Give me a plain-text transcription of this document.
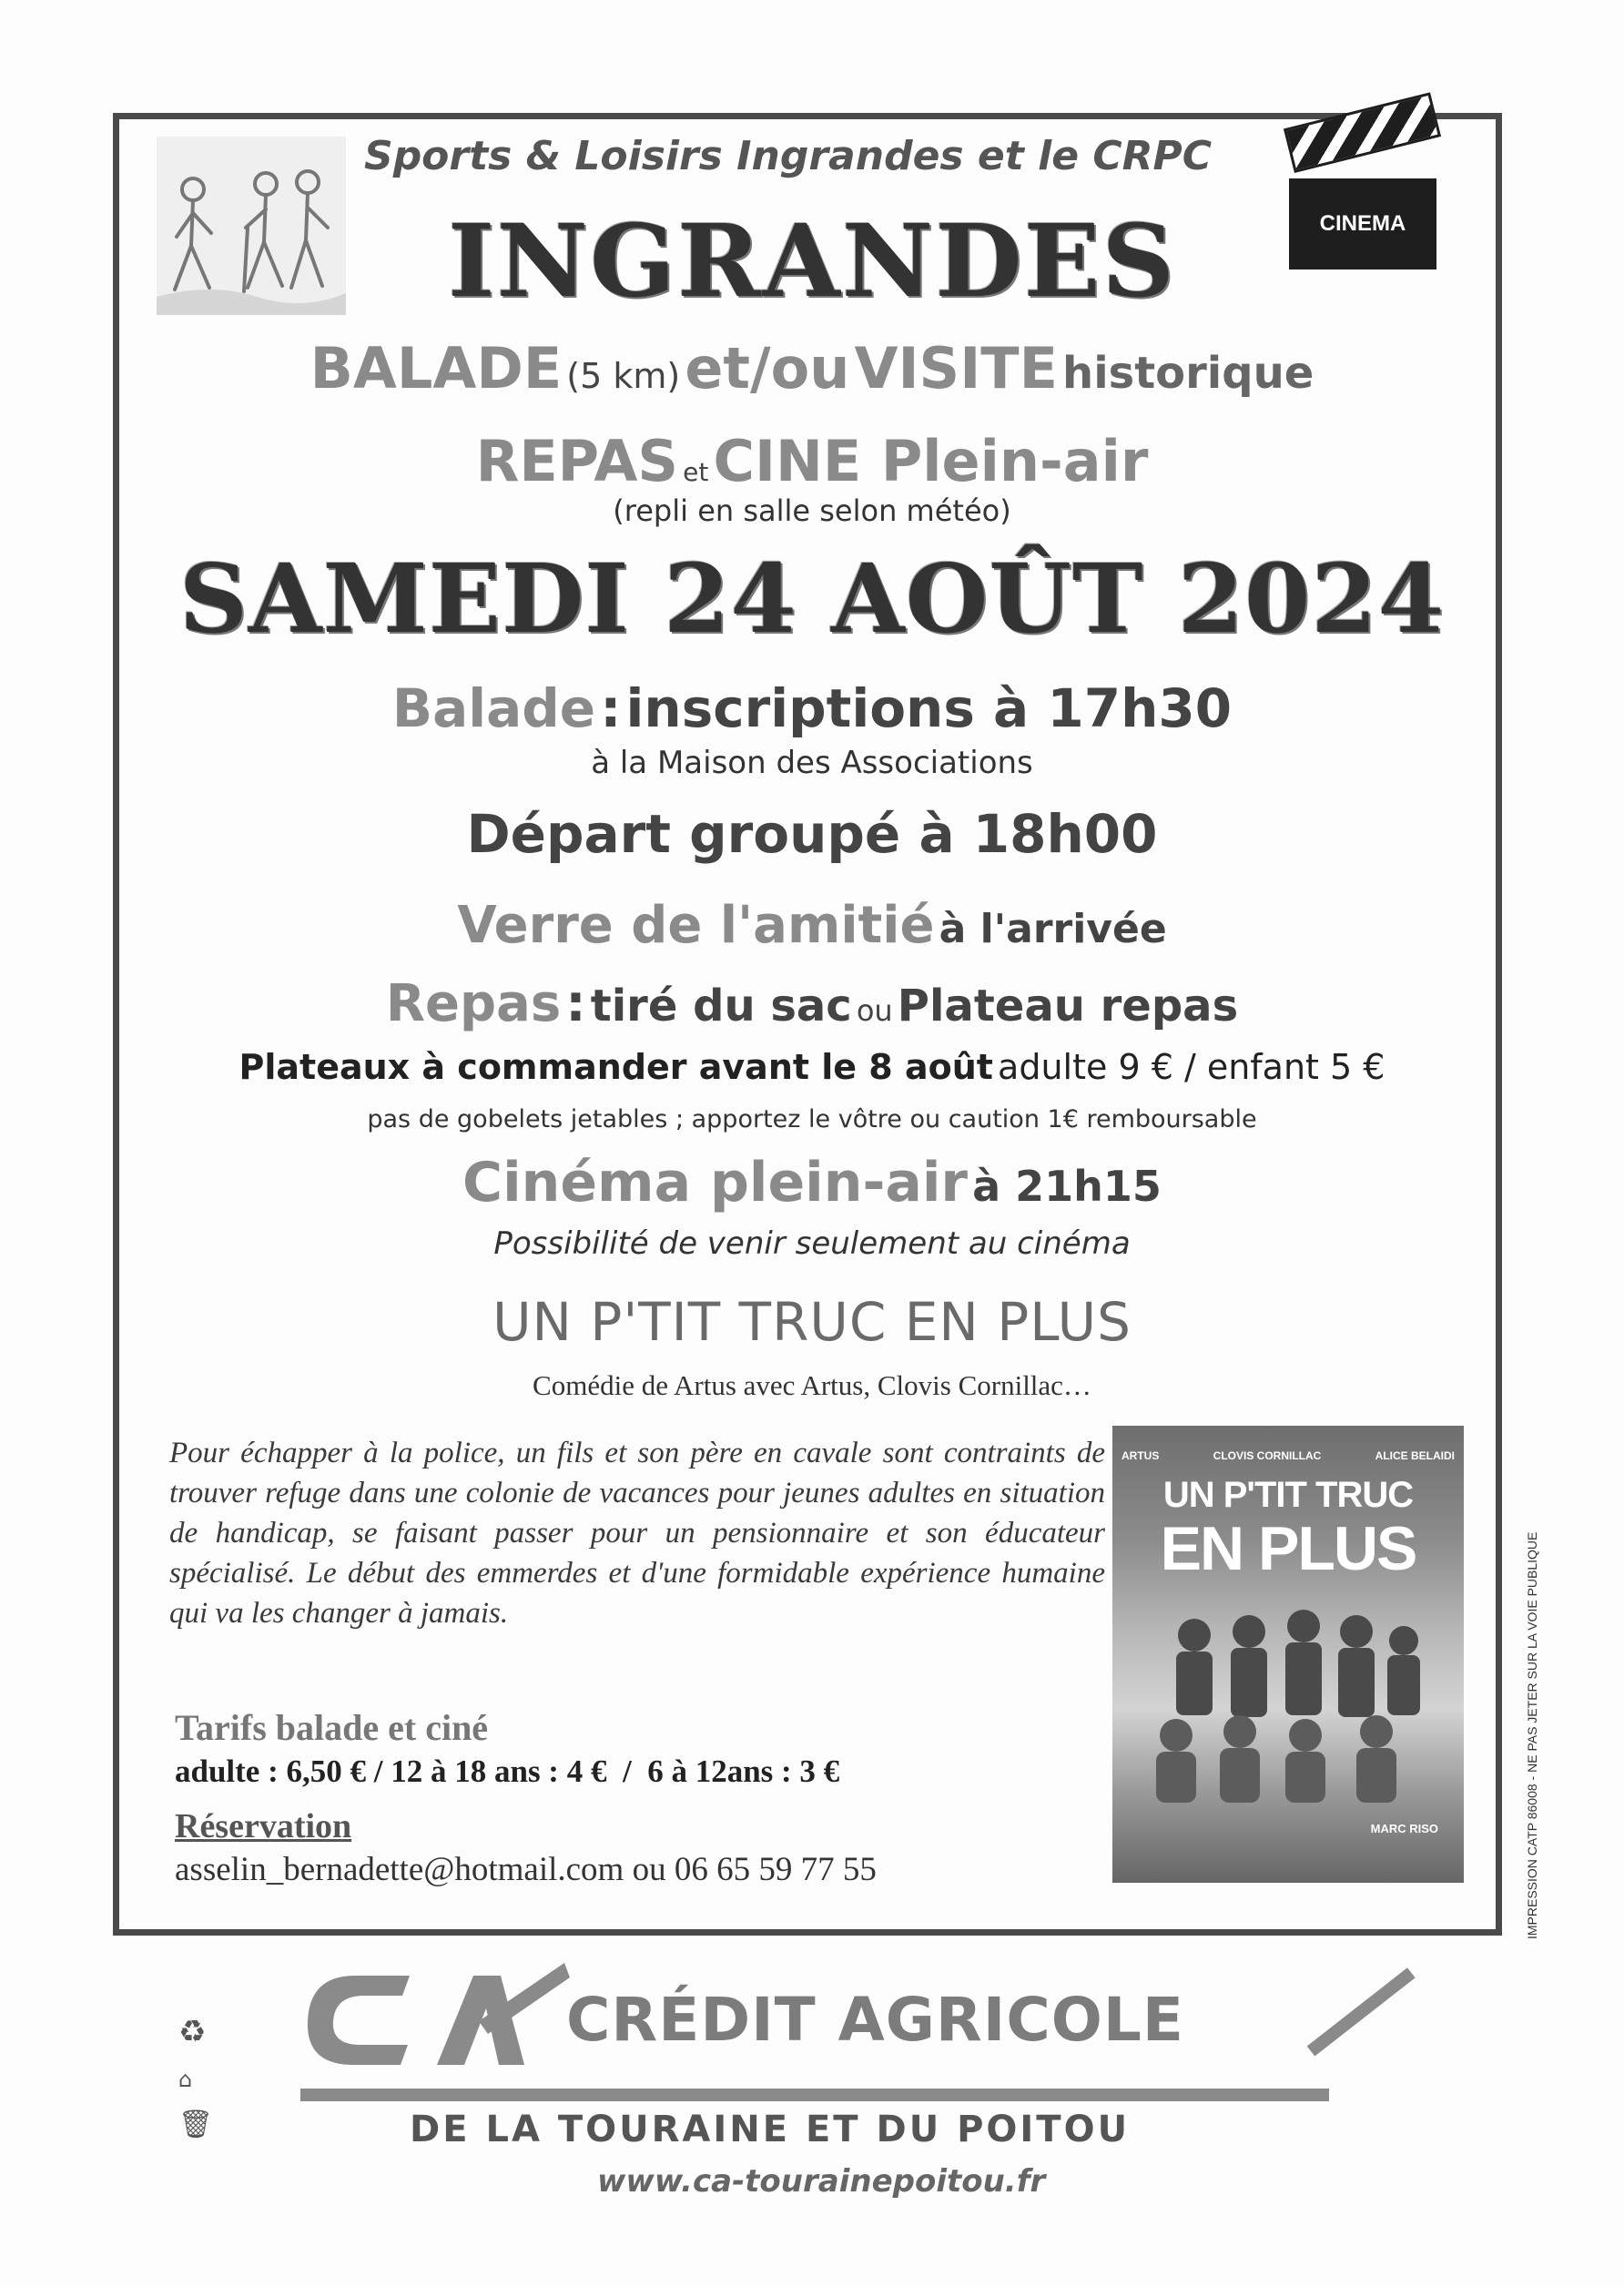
Sports & Loisirs Ingrandes et le CRPC
CINEMA
INGRANDES
BALADE (5 km) et/ou VISITE historique
REPAS et CINE Plein-air
(repli en salle selon météo)
SAMEDI 24 AOÛT 2024
Balade : inscriptions à 17h30
à la Maison des Associations
Départ groupé à 18h00
Verre de l'amitié à l'arrivée
Repas : tiré du sac ou Plateau repas
Plateaux à commander avant le 8 août adulte 9 € / enfant 5 €
pas de gobelets jetables ; apportez le vôtre ou caution 1€ remboursable
Cinéma plein-air à 21h15
Possibilité de venir seulement au cinéma
UN P'TIT TRUC EN PLUS
Comédie de Artus avec Artus, Clovis Cornillac…
Pour échapper à la police, un fils et son père en cavale sont contraints de trouver refuge dans une colonie de vacances pour jeunes adultes en situation de handicap, se faisant passer pour un pensionnaire et son éducateur spécialisé. Le début des emmerdes et d'une formidable expérience humaine qui va les changer à jamais.
ARTUS	CLOVIS CORNILLAC	ALICE BELAIDI
UN P'TIT TRUC
EN PLUS
MARC RISO
Tarifs balade et ciné
adulte : 6,50 € / 12 à 18 ans : 4 €  /  6 à 12ans : 3 €
Réservation
asselin_bernadette@hotmail.com ou 06 65 59 77 55	IMPRESSION CATP 86008 - NE PAS JETER SUR LA VOIE PUBLIQUE
CRÉDIT AGRICOLE
DE LA TOURAINE ET DU POITOU
www.ca-tourainepoitou.fr
♻
⌂
🗑
